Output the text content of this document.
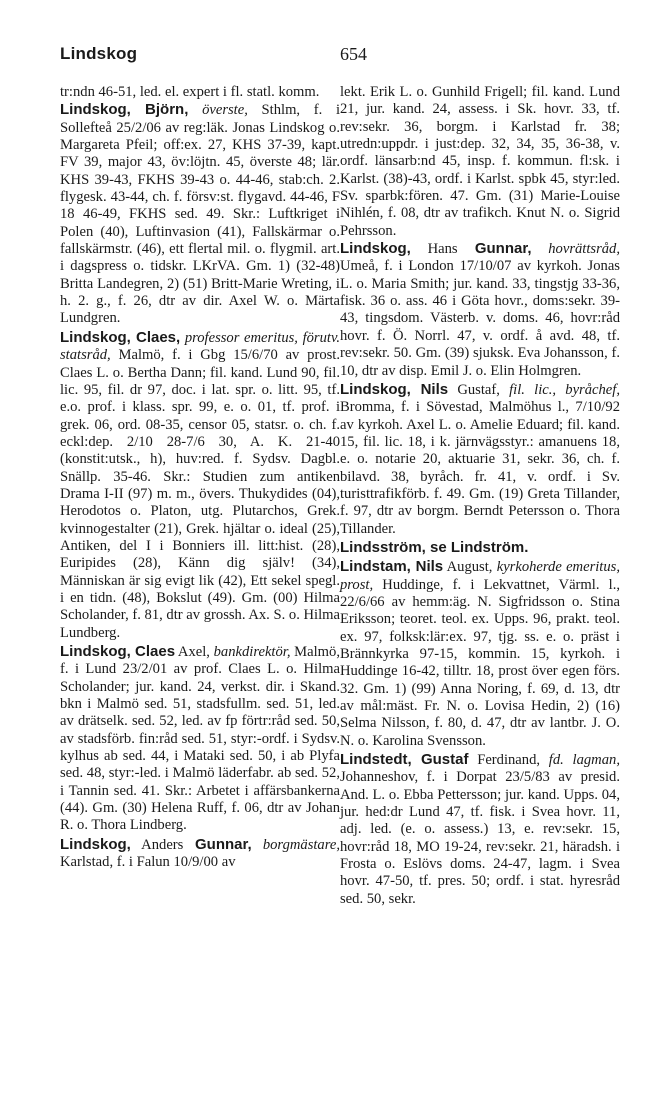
Lindskog	654

tr:ndn 46-51, led. el. expert i fl. statl. komm.

Lindskog, Björn, överste, Sthlm, f. i Sollefteå 25/2/06 av reg:läk. Jonas Lindskog o. Margareta Pfeil; off:ex. 27, KHS 37-39, kapt. FV 39, major 43, öv:löjtn. 45, överste 48; lär. KHS 39-43, FKHS 39-43 o. 44-46, stab:ch. 2. flygesk. 43-44, ch. f. försv:st. flygavd. 44-46, F 18 46-49, FKHS sed. 49. Skr.: Luftkriget i Polen (40), Luftinvasion (41), Fallskärmar o. fallskärmstr. (46), ett flertal mil. o. flygmil. art. i dagspress o. tidskr. LKrVA. Gm. 1) (32-48) Britta Landegren, 2) (51) Britt-Marie Wreting, i h. 2. g., f. 26, dtr av dir. Axel W. o. Märta Lundgren.

Lindskog, Claes, professor emeritus, förutv. statsråd, Malmö, f. i Gbg 15/6/70 av prost. Claes L. o. Bertha Dann; fil. kand. Lund 90, fil. lic. 95, fil. dr 97, doc. i lat. spr. o. litt. 95, tf. e.o. prof. i klass. spr. 99, e. o. 01, tf. prof. i grek. 06, ord. 08-35, censor 05, statsr. o. ch. f. eckl:dep. 2/10 28-7/6 30, A. K. 21-40 (konstit:utsk., h), huv:red. f. Sydsv. Dagbl. Snällp. 35-46. Skr.: Studien zum antiken Drama I-II (97) m. m., övers. Thukydides (04), Herodotos o. Platon, utg. Plutarchos, Grek. kvinnogestalter (21), Grek. hjältar o. ideal (25), Antiken, del I i Bonniers ill. litt:hist. (28), Euripides (28), Känn dig själv! (34), Människan är sig evigt lik (42), Ett sekel spegl. i en tidn. (48), Bokslut (49). Gm. (00) Hilma Scholander, f. 81, dtr av grossh. Ax. S. o. Hilma Lundberg.

Lindskog, Claes Axel, bankdirektör, Malmö, f. i Lund 23/2/01 av prof. Claes L. o. Hilma Scholander; jur. kand. 24, verkst. dir. i Skand. bkn i Malmö sed. 51, stadsfullm. sed. 51, led. av drätselk. sed. 52, led. av fp förtr:råd sed. 50, av stadsförb. fin:råd sed. 51, styr:-ordf. i Sydsv. kylhus ab sed. 44, i Mataki sed. 50, i ab Plyfa sed. 48, styr:-led. i Malmö läderfabr. ab sed. 52, i Tannin sed. 41. Skr.: Arbetet i affärsbankerna (44). Gm. (30) Helena Ruff, f. 06, dtr av Johan R. o. Thora Lindberg.

Lindskog, Anders Gunnar, borgmästare, Karlstad, f. i Falun 10/9/00 av

lekt. Erik L. o. Gunhild Frigell; fil. kand. Lund 21, jur. kand. 24, assess. i Sk. hovr. 33, tf. rev:sekr. 36, borgm. i Karlstad fr. 38; utredn:uppdr. i just:dep. 32, 34, 35, 36-38, v. ordf. länsarb:nd 45, insp. f. kommun. fl:sk. i Karlst. (38)-43, ordf. i Karlst. spbk 45, styr:led. Sv. sparbk:fören. 47. Gm. (31) Marie-Louise Nihlén, f. 08, dtr av trafikch. Knut N. o. Sigrid Pehrsson.

Lindskog, Hans Gunnar, hovrättsråd, Umeå, f. i London 17/10/07 av kyrkoh. Jonas L. o. Maria Smith; jur. kand. 33, tingstjg 33-36, fisk. 36 o. ass. 46 i Göta hovr., doms:sekr. 39-43, tingsdom. Västerb. v. doms. 46, hovr:råd hovr. f. Ö. Norrl. 47, v. ordf. å avd. 48, tf. rev:sekr. 50. Gm. (39) sjuksk. Eva Johansson, f. 10, dtr av disp. Emil J. o. Elin Holmgren.

Lindskog, Nils Gustaf, fil. lic., byråchef, Bromma, f. i Sövestad, Malmöhus l., 7/10/92 av kyrkoh. Axel L. o. Amelie Eduard; fil. kand. 15, fil. lic. 18, i k. järnvägsstyr.: amanuens 18, e. o. notarie 20, aktuarie 31, sekr. 36, ch. f. bilavd. 38, byråch. fr. 41, v. ordf. i Sv. turisttrafikförb. f. 49. Gm. (19) Greta Tillander, f. 97, dtr av borgm. Berndt Petersson o. Thora Tillander.

Lindsström, se Lindström.

Lindstam, Nils August, kyrkoherde emeritus, prost, Huddinge, f. i Lekvattnet, Värml. l., 22/6/66 av hemm:äg. N. Sigfridsson o. Stina Eriksson; teoret. teol. ex. Upps. 96, prakt. teol. ex. 97, folksk:lär:ex. 97, tjg. ss. e. o. präst i Brännkyrka 97-15, kommin. 15, kyrkoh. i Huddinge 16-42, tilltr. 18, prost över egen förs. 32. Gm. 1) (99) Anna Noring, f. 69, d. 13, dtr av mål:mäst. Fr. N. o. Lovisa Hedin, 2) (16) Selma Nilsson, f. 80, d. 47, dtr av lantbr. J. O. N. o. Karolina Svensson.

Lindstedt, Gustaf Ferdinand, fd. lagman, Johanneshov, f. i Dorpat 23/5/83 av presid. And. L. o. Ebba Pettersson; jur. kand. Upps. 04, jur. hed:dr Lund 47, tf. fisk. i Svea hovr. 11, adj. led. (e. o. assess.) 13, e. rev:sekr. 15, hovr:råd 18, MO 19-24, rev:sekr. 21, häradsh. i Frosta o. Eslövs doms. 24-47, lagm. i Svea hovr. 47-50, tf. pres. 50; ordf. i stat. hyresråd sed. 50, sekr.
